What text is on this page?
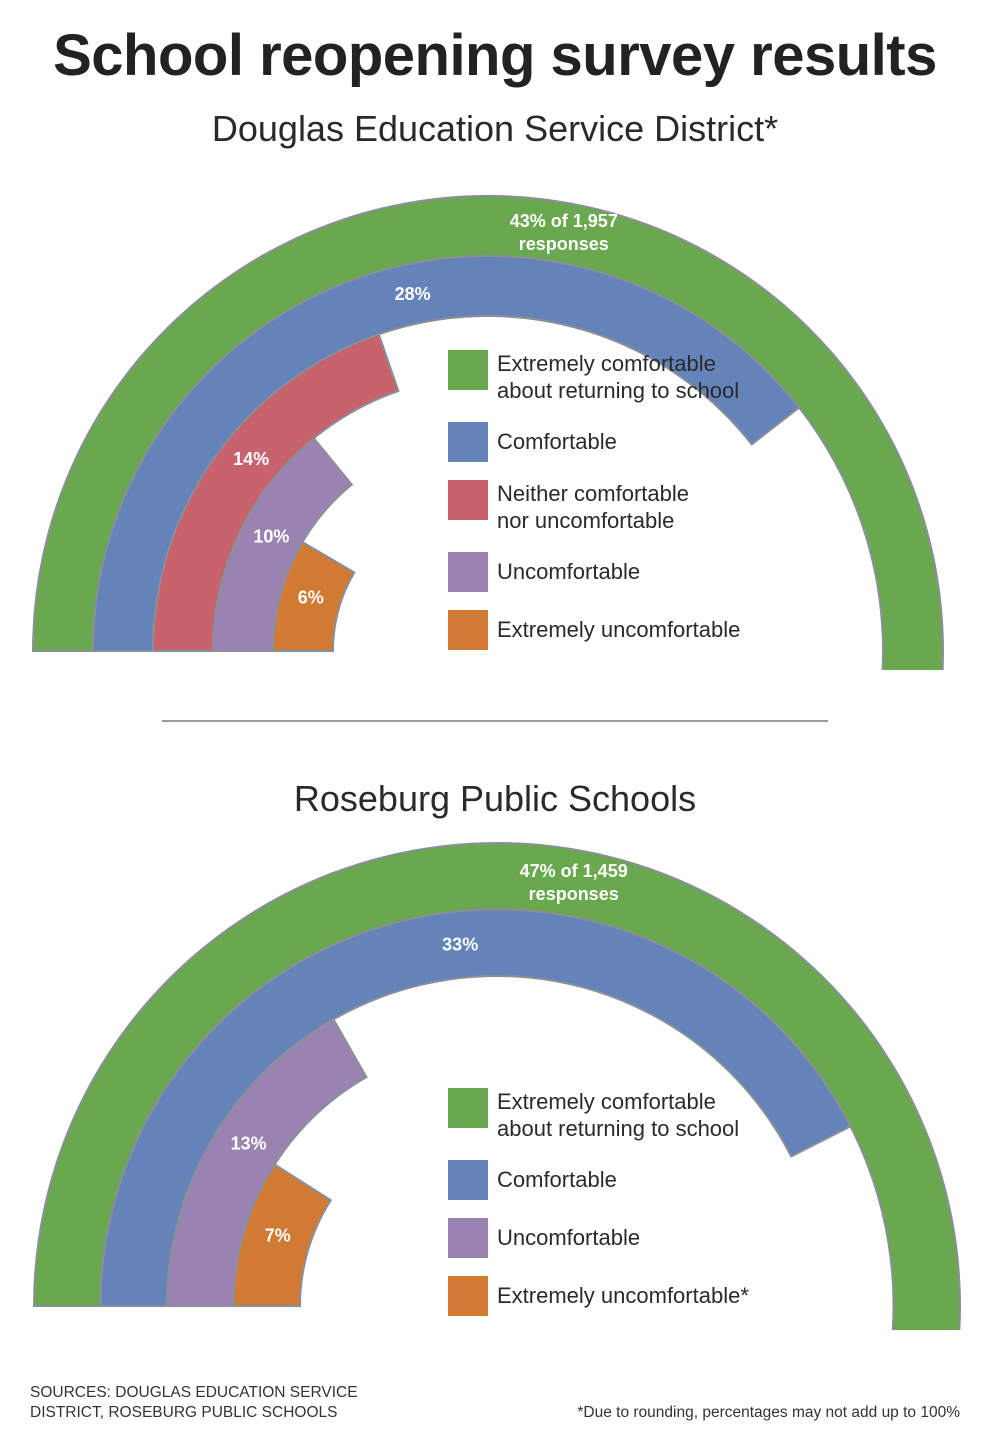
School reopening survey results
Douglas Education Service District*
43% of 1,957
responses
28%
14%
10%
6%
Extremely comfortable
about returning to school
Comfortable
Neither comfortable
nor uncomfortable
Uncomfortable
Extremely uncomfortable
Roseburg Public Schools
47% of 1,459
responses
33%
13%
7%
Extremely comfortable
about returning to school
Comfortable
Uncomfortable
Extremely uncomfortable*
SOURCES: DOUGLAS EDUCATION SERVICE DISTRICT, ROSEBURG PUBLIC SCHOOLS	*Due to rounding, percentages may not add up to 100%
